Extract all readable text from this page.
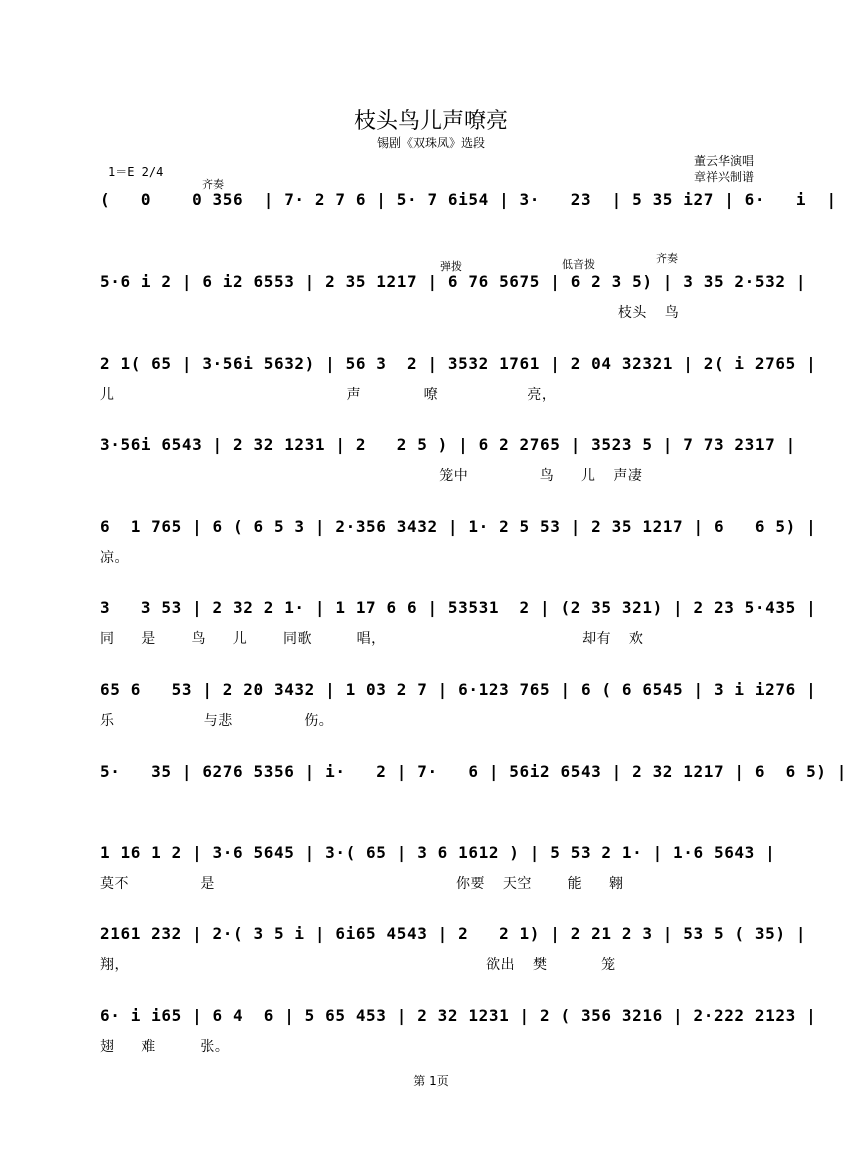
枝头鸟儿声嘹亮
锡剧《双珠凤》选段
1＝E 2/4
董云华演唱
章祥兴制谱
齐奏
弹拨	低音拨	齐奏
(   0    0 356  | 7· 2 7 6 | 5· 7 6i54 | 3·   23  | 5 35 i27 | 6·   i  |
5·6 i 2 | 6 i2 6553 | 2 35 1217 | 6 76 5675 | 6 2 3 5) | 3 35 2·532 |
枝头  鸟
2 1( 65 | 3·56i 5632) | 56 3  2 | 3532 1761 | 2 04 32321 | 2( i 2765 |
儿                          声       嘹          亮，
3·56i 6543 | 2 32 1231 | 2   2 5 ) | 6 2 2765 | 3523 5 | 7 73 2317 |
笼中        鸟   儿  声凄
6  1 765 | 6 ( 6 5 3 | 2·356 3432 | 1· 2 5 53 | 2 35 1217 | 6   6 5) |
凉。
3   3 53 | 2 32 2 1· | 1 17 6 6 | 53531  2 | (2 35 321) | 2 23 5·435 |
同   是    鸟   儿    同歌     唱，                      却有  欢
65 6   53 | 2 20 3432 | 1 03 2 7 | 6·123 765 | 6 ( 6 6545 | 3 i i276 |
乐          与悲        伤。
5·   35 | 6276 5356 | i·   2 | 7·   6 | 56i2 6543 | 2 32 1217 | 6  6 5) |
1 16 1 2 | 3·6 5645 | 3·( 65 | 3 6 1612 ) | 5 53 2 1· | 1·6 5643 |
莫不        是                           你要  天空    能   翱
2161 232 | 2·( 3 5 i | 6i65 4543 | 2   2 1) | 2 21 2 3 | 53 5 ( 35) |
翔，                                        欲出  樊      笼
6· i i65 | 6 4  6 | 5 65 453 | 2 32 1231 | 2 ( 356 3216 | 2·222 2123 |
翅   难     张。
第 1页
